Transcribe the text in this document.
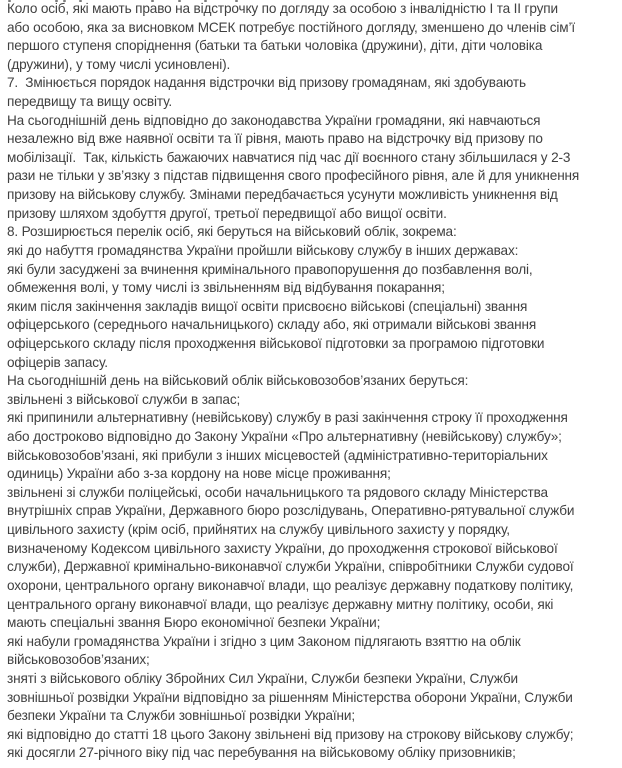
Коло осіб, які мають право на відстрочку по догляду за особою з інвалідністю І та ІІ групи
або особою, яка за висновком МСЕК потребує постійного догляду, зменшено до членів сім’ї
першого ступеня споріднення (батьки та батьки чоловіка (дружини), діти, діти чоловіка
(дружини), у тому числі усиновлені).
7.  Змінюється порядок надання відстрочки від призову громадянам, які здобувають
передвищу та вищу освіту.
На сьогоднішній день відповідно до законодавства України громадяни, які навчаються
незалежно від вже наявної освіти та її рівня, мають право на відстрочку від призову по
мобілізації.  Так, кількість бажаючих навчатися під час дії воєнного стану збільшилася у 2-3
рази не тільки у зв’язку з підстав підвищення свого професійного рівня, але й для уникнення
призову на військову службу. Змінами передбачається усунути можливість уникнення від
призову шляхом здобуття другої, третьої передвищої або вищої освіти.
8. Розширюється перелік осіб, які беруться на військовий облік, зокрема:
які до набуття громадянства України пройшли військову службу в інших державах:
які були засуджені за вчинення кримінального правопорушення до позбавлення волі,
обмеження волі, у тому числі із звільненням від відбування покарання;
яким після закінчення закладів вищої освіти присвоєно військові (спеціальні) звання
офіцерського (середнього начальницького) складу або, які отримали військові звання
офіцерського складу після проходження військової підготовки за програмою підготовки
офіцерів запасу.
На сьогоднішній день на військовий облік військовозобов’язаних беруться:
звільнені з військової служби в запас;
які припинили альтернативну (невійськову) службу в разі закінчення строку її проходження
або достроково відповідно до Закону України «Про альтернативну (невійськову) службу»;
військовозобов’язані, які прибули з інших місцевостей (адміністративно-територіальних
одиниць) України або з-за кордону на нове місце проживання;
звільнені зі служби поліцейські, особи начальницького та рядового складу Міністерства
внутрішніх справ України, Державного бюро розслідувань, Оперативно-рятувальної служби
цивільного захисту (крім осіб, прийнятих на службу цивільного захисту у порядку,
визначеному Кодексом цивільного захисту України, до проходження строкової військової
служби), Державної кримінально-виконавчої служби України, співробітники Служби судової
охорони, центрального органу виконавчої влади, що реалізує державну податкову політику,
центрального органу виконавчої влади, що реалізує державну митну політику, особи, які
мають спеціальні звання Бюро економічної безпеки України;
які набули громадянства України і згідно з цим Законом підлягають взяттю на облік
військовозобов’язаних;
зняті з військового обліку Збройних Сил України, Служби безпеки України, Служби
зовнішньої розвідки України відповідно за рішенням Міністерства оборони України, Служби
безпеки України та Служби зовнішньої розвідки України;
які відповідно до статті 18 цього Закону звільнені від призову на строкову військову службу;
які досягли 27-річного віку під час перебування на військовому обліку призовників;
